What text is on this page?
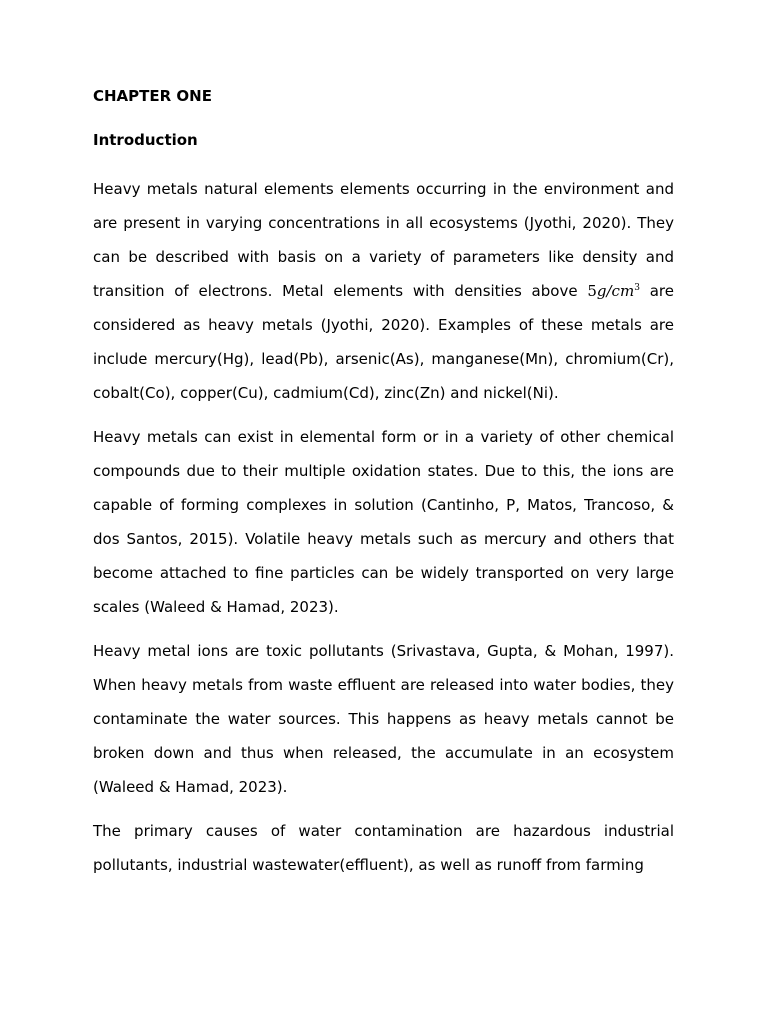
CHAPTER ONE

Introduction

Heavy metals natural elements elements occurring in the environment and are present in varying concentrations in all ecosystems (Jyothi, 2020). They can be described with basis on a variety of parameters like density and transition of electrons. Metal elements with densities above $5g/cm^3$ are considered as heavy metals (Jyothi, 2020). Examples of these metals are include mercury(Hg), lead(Pb), arsenic(As), manganese(Mn), chromium(Cr), cobalt(Co), copper(Cu), cadmium(Cd), zinc(Zn) and nickel(Ni).

Heavy metals can exist in elemental form or in a variety of other chemical compounds due to their multiple oxidation states. Due to this, the ions are capable of forming complexes in solution (Cantinho, P, Matos, Trancoso, & dos Santos, 2015). Volatile heavy metals such as mercury and others that become attached to fine particles can be widely transported on very large scales (Waleed & Hamad, 2023).

Heavy metal ions are toxic pollutants (Srivastava, Gupta, & Mohan, 1997). When heavy metals from waste effluent are released into water bodies, they contaminate the water sources. This happens as heavy metals cannot be broken down and thus when released, the accumulate in an ecosystem (Waleed & Hamad, 2023).

The primary causes of water contamination are hazardous industrial pollutants, industrial wastewater(effluent), as well as runoff from farming
